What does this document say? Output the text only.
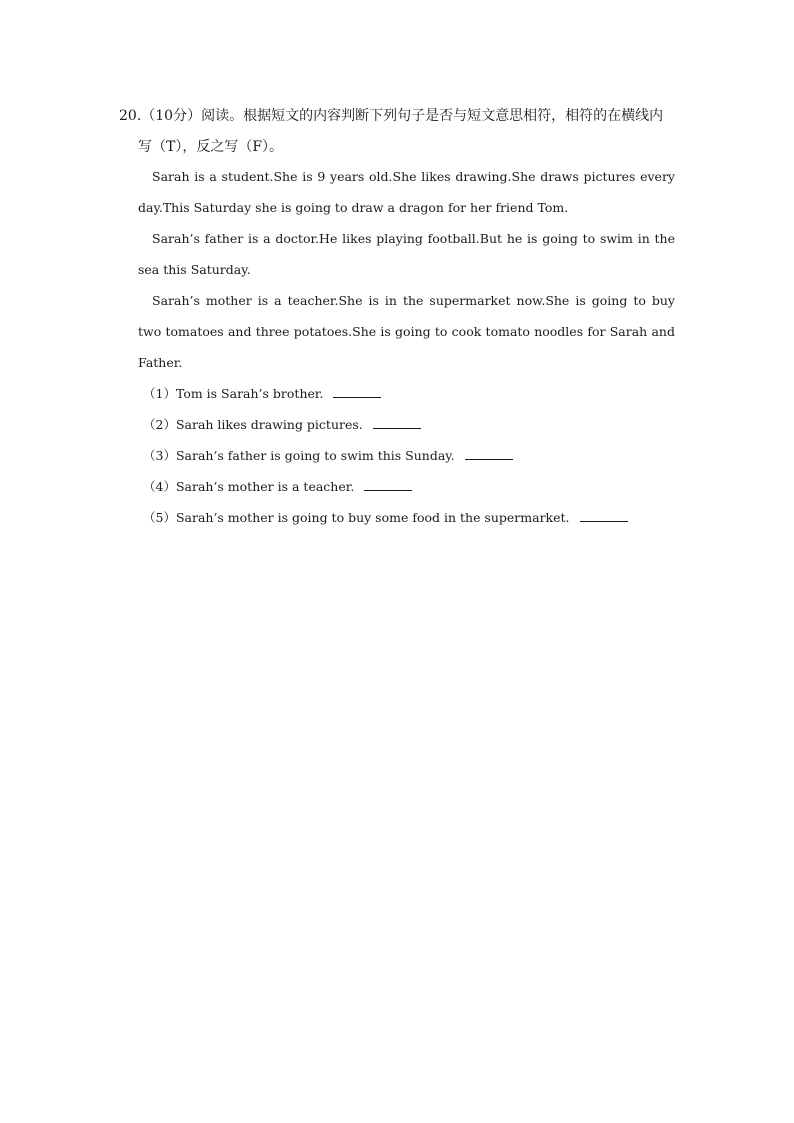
20.（10分）阅读。根据短文的内容判断下列句子是否与短文意思相符，相符的在横线内
写（T），反之写（F）。

Sarah is a student.She is 9 years old.She likes drawing.She draws pictures every day.This Saturday she is going to draw a dragon for her friend Tom.

Sarah’s father is a doctor.He likes playing football.But he is going to swim in the sea this Saturday.

Sarah’s mother is a teacher.She is in the supermarket now.She is going to buy two tomatoes and three potatoes.She is going to cook tomato noodles for Sarah and Father.

（1）Tom is Sarah’s brother.
（2）Sarah likes drawing pictures.
（3）Sarah’s father is going to swim this Sunday.
（4）Sarah’s mother is a teacher.
（5）Sarah’s mother is going to buy some food in the supermarket.
